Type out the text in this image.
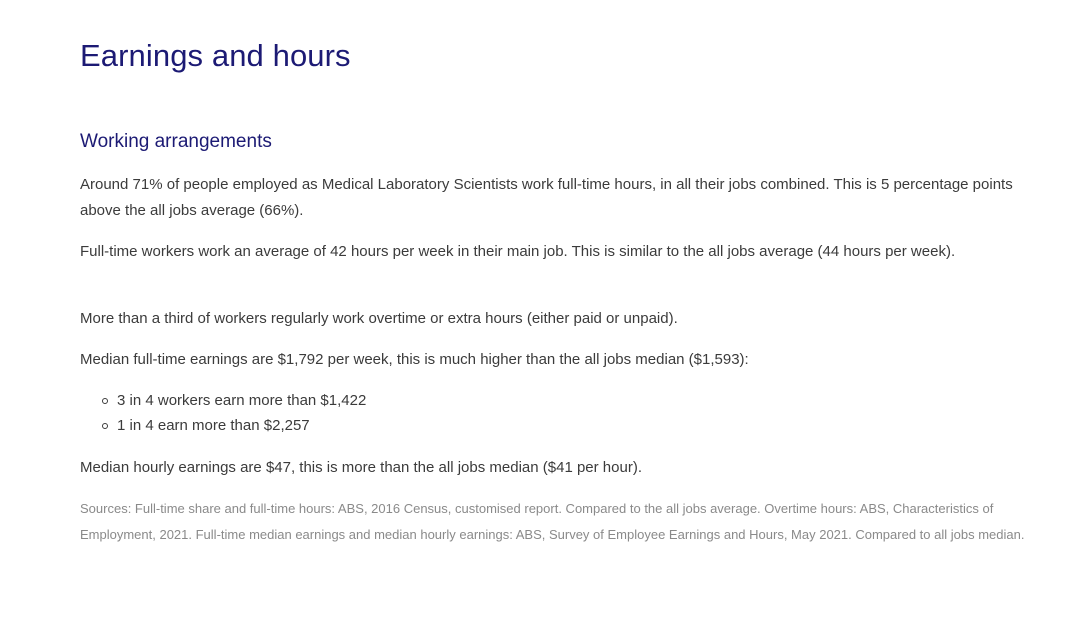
Earnings and hours
Working arrangements

Around 71% of people employed as Medical Laboratory Scientists work full-time hours, in all their jobs combined. This is 5 percentage points above the all jobs average (66%).

Full-time workers work an average of 42 hours per week in their main job. This is similar to the all jobs average (44 hours per week).

More than a third of workers regularly work overtime or extra hours (either paid or unpaid).

Median full-time earnings are $1,792 per week, this is much higher than the all jobs median ($1,593):

3 in 4 workers earn more than $1,422
1 in 4 earn more than $2,257

Median hourly earnings are $47, this is more than the all jobs median ($41 per hour).

Sources: Full-time share and full-time hours: ABS, 2016 Census, customised report. Compared to the all jobs average. Overtime hours: ABS, Characteristics of Employment, 2021. Full-time median earnings and median hourly earnings: ABS, Survey of Employee Earnings and Hours, May 2021. Compared to all jobs median.
